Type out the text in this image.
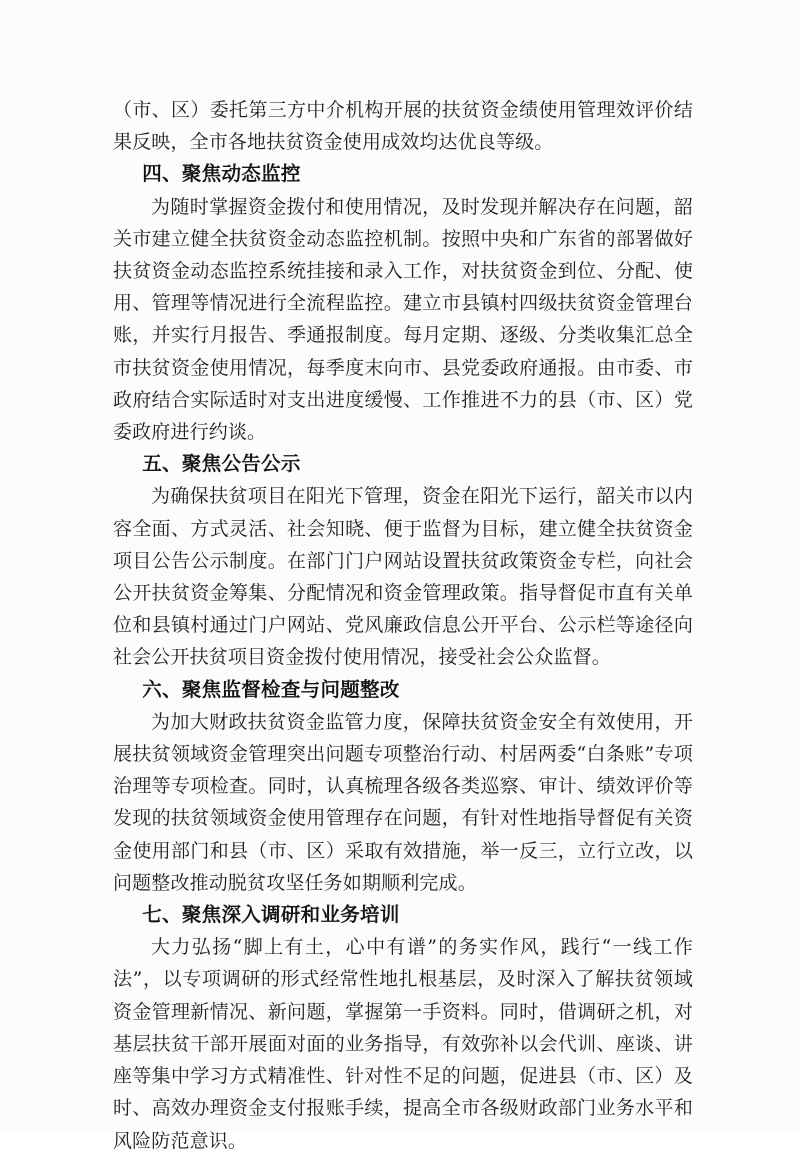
（市、区）委托第三方中介机构开展的扶贫资金绩使用管理效评价结果反映，全市各地扶贫资金使用成效均达优良等级。

四、聚焦动态监控

为随时掌握资金拨付和使用情况，及时发现并解决存在问题，韶关市建立健全扶贫资金动态监控机制。按照中央和广东省的部署做好扶贫资金动态监控系统挂接和录入工作，对扶贫资金到位、分配、使用、管理等情况进行全流程监控。建立市县镇村四级扶贫资金管理台账，并实行月报告、季通报制度。每月定期、逐级、分类收集汇总全市扶贫资金使用情况，每季度末向市、县党委政府通报。由市委、市政府结合实际适时对支出进度缓慢、工作推进不力的县（市、区）党委政府进行约谈。

五、聚焦公告公示

为确保扶贫项目在阳光下管理，资金在阳光下运行，韶关市以内容全面、方式灵活、社会知晓、便于监督为目标，建立健全扶贫资金项目公告公示制度。在部门门户网站设置扶贫政策资金专栏，向社会公开扶贫资金筹集、分配情况和资金管理政策。指导督促市直有关单位和县镇村通过门户网站、党风廉政信息公开平台、公示栏等途径向社会公开扶贫项目资金拨付使用情况，接受社会公众监督。

六、聚焦监督检查与问题整改

为加大财政扶贫资金监管力度，保障扶贫资金安全有效使用，开展扶贫领域资金管理突出问题专项整治行动、村居两委“白条账”专项治理等专项检查。同时，认真梳理各级各类巡察、审计、绩效评价等发现的扶贫领域资金使用管理存在问题，有针对性地指导督促有关资金使用部门和县（市、区）采取有效措施，举一反三，立行立改，以问题整改推动脱贫攻坚任务如期顺利完成。

七、聚焦深入调研和业务培训

大力弘扬“脚上有土，心中有谱”的务实作风，践行“一线工作法”，以专项调研的形式经常性地扎根基层，及时深入了解扶贫领域资金管理新情况、新问题，掌握第一手资料。同时，借调研之机，对基层扶贫干部开展面对面的业务指导，有效弥补以会代训、座谈、讲座等集中学习方式精准性、针对性不足的问题，促进县（市、区）及时、高效办理资金支付报账手续，提高全市各级财政部门业务水平和风险防范意识。
